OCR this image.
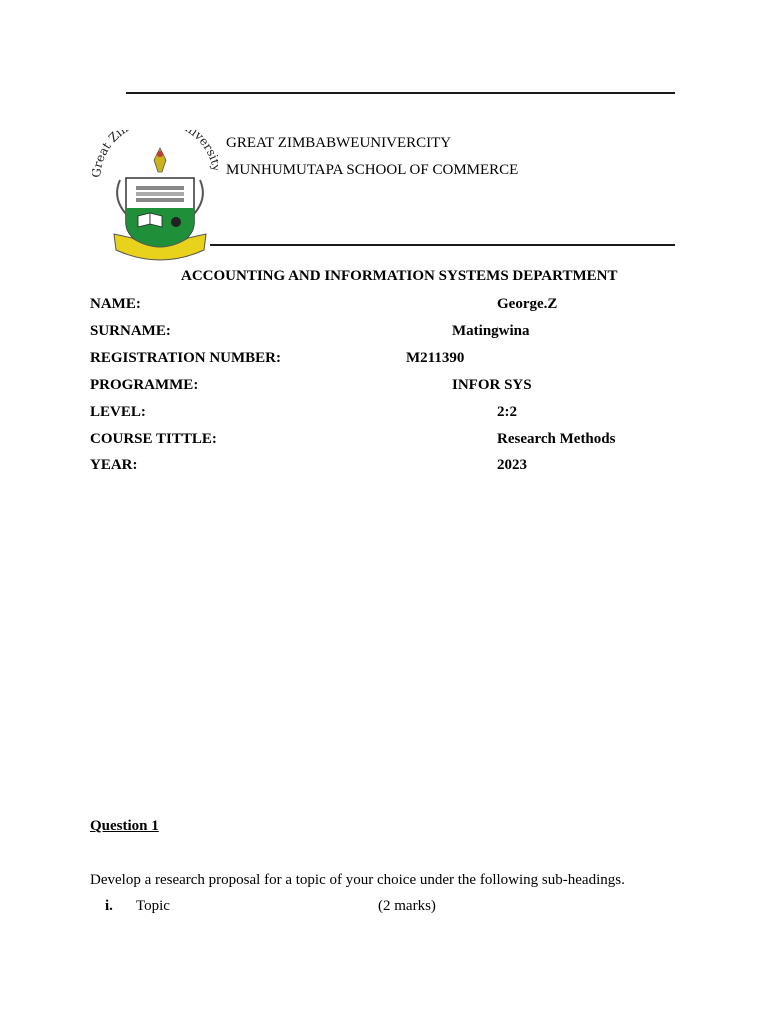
eat Zi ivers
GREAT ZIMBABWEUNIVERCITY
MUNHUMUTAPA SCHOOL OF COMMERCE
ACCOUNTING AND INFORMATION SYSTEMS DEPARTMENT
NAME:	George.Z
SURNAME:	Matingwina
REGISTRATION NUMBER:	M211390
PROGRAMME:	INFOR SYS
LEVEL:	2:2
COURSE TITTLE:	Research Methods
YEAR:	2023
Question 1
Develop a research proposal for a topic of your choice under the following sub-headings.
i. Topic	(2 marks)
